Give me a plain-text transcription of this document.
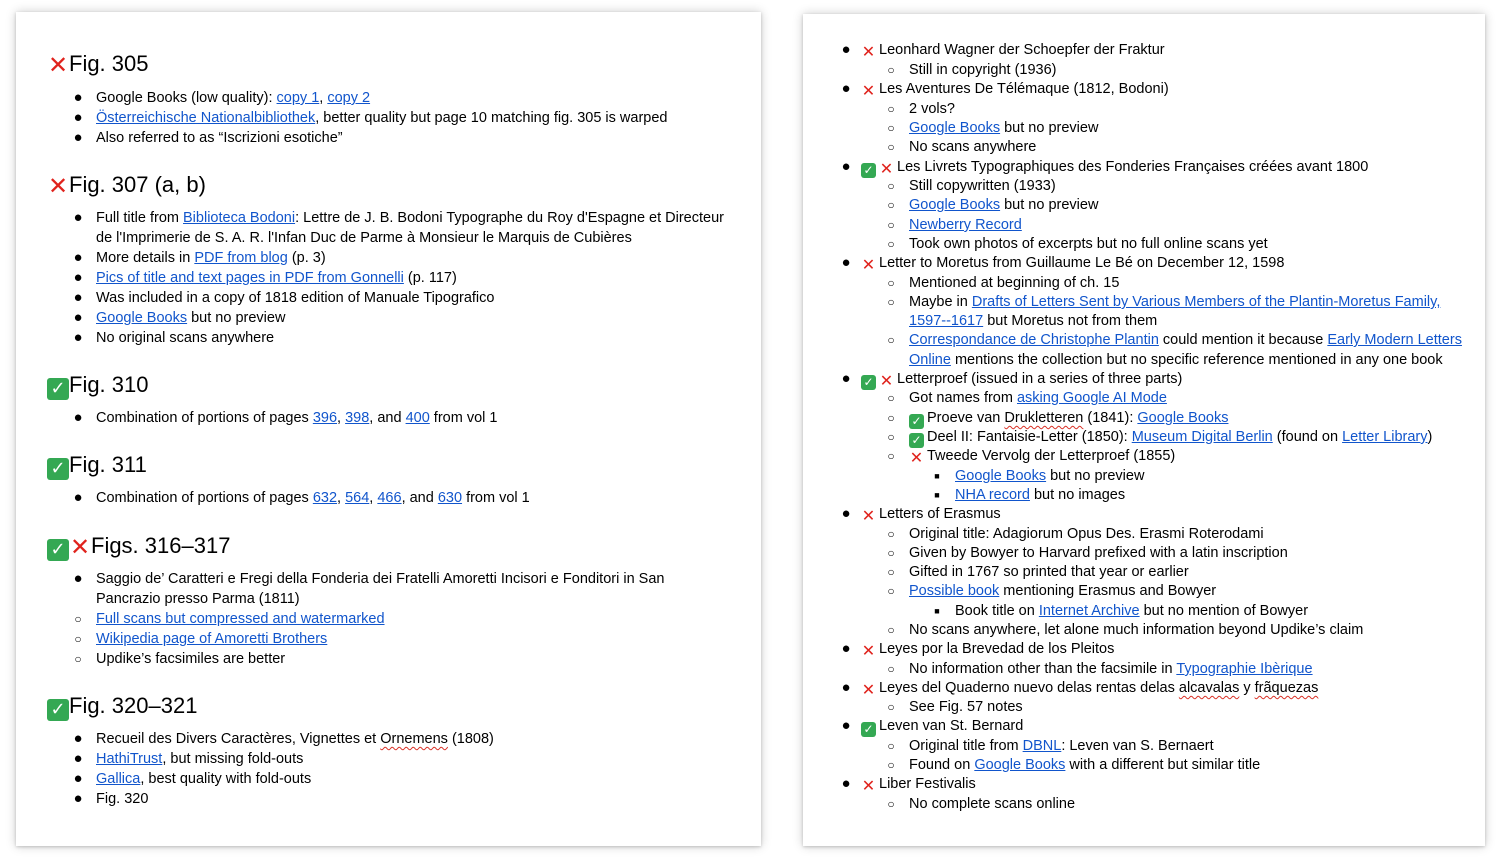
✕Fig. 305
● Google Books (low quality): copy 1, copy 2
● Österreichische Nationalbibliothek, better quality but page 10 matching fig. 305 is warped
● Also referred to as “Iscrizioni esotiche”
✕Fig. 307 (a, b)
● Full title from Biblioteca Bodoni: Lettre de J. B. Bodoni Typographe du Roy d'Espagne et Directeur
de l'Imprimerie de S. A. R. l'Infan Duc de Parme à Monsieur le Marquis de Cubières
● More details in PDF from blog (p. 3)
● Pics of title and text pages in PDF from Gonnelli (p. 117)
● Was included in a copy of 1818 edition of Manuale Tipografico
● Google Books but no preview
● No original scans anywhere
✓ Fig. 310
● Combination of portions of pages 396, 398, and 400 from vol 1
✓ Fig. 311
● Combination of portions of pages 632, 564, 466, and 630 from vol 1
✓ ✕Figs. 316–317
● Saggio de’ Caratteri e Fregi della Fonderia dei Fratelli Amoretti Incisori e Fonditori in San
Pancrazio presso Parma (1811)
○ Full scans but compressed and watermarked
○ Wikipedia page of Amoretti Brothers
○ Updike’s facsimiles are better
✓ Fig. 320–321
● Recueil des Divers Caractères, Vignettes et Ornemens (1808)
● HathiTrust, but missing fold-outs
● Gallica, best quality with fold-outs
● Fig. 320
● ✕ Leonhard Wagner der Schoepfer der Fraktur
○ Still in copyright (1936)
● ✕ Les Aventures De Télémaque (1812, Bodoni)
○ 2 vols?
○ Google Books but no preview
○ No scans anywhere
●	✓ ✕ Les Livrets Typographiques des Fonderies Françaises créées avant 1800
○ Still copywritten (1933)
○ Google Books but no preview
○ Newberry Record
○ Took own photos of excerpts but no full online scans yet
● ✕ Letter to Moretus from Guillaume Le Bé on December 12, 1598
○ Mentioned at beginning of ch. 15
○ Maybe in Drafts of Letters Sent by Various Members of the Plantin-Moretus Family,
1597--1617 but Moretus not from them
○ Correspondance de Christophe Plantin could mention it because Early Modern Letters
Online mentions the collection but no specific reference mentioned in any one book
●	✓ ✕ Letterproef (issued in a series of three parts)
○ Got names from asking Google AI Mode
○	✓ Proeve van Drukletteren (1841): Google Books
○	✓ Deel II: Fantaisie-Letter (1850): Museum Digital Berlin (found on Letter Library)
○ ✕ Tweede Vervolg der Letterproef (1855)
■	Google Books but no preview
■	NHA record but no images
● ✕ Letters of Erasmus
○ Original title: Adagiorum Opus Des. Erasmi Roterodami
○ Given by Bowyer to Harvard prefixed with a latin inscription
○ Gifted in 1767 so printed that year or earlier
○ Possible book mentioning Erasmus and Bowyer
■	Book title on Internet Archive but no mention of Bowyer
○ No scans anywhere, let alone much information beyond Updike’s claim
● ✕ Leyes por la Brevedad de los Pleitos
○ No information other than the facsimile in Typographie Ibèrique
● ✕ Leyes del Quaderno nuevo delas rentas delas alcavalas y frãquezas
○ See Fig. 57 notes
●	✓ Leven van St. Bernard
○ Original title from DBNL: Leven van S. Bernaert
○ Found on Google Books with a different but similar title
● ✕ Liber Festivalis
○ No complete scans online
